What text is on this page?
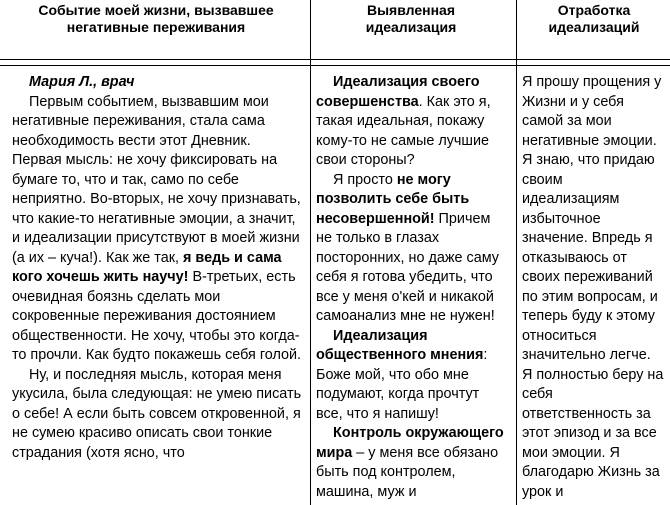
Событие моей жизни, вызвавшее негативные переживания
Выявленная идеализация
Отработка идеализаций

Мария Л., врач

Первым событием, вызвавшим мои негативные переживания, стала сама необходимость вести этот Дневник. Первая мысль: не хочу фиксировать на бумаге то, что и так, само по себе неприятно. Во-вторых, не хочу признавать, что какие-то негативные эмоции, а значит, и идеализации присутствуют в моей жизни (а их – куча!). Как же так, я ведь и сама кого хочешь жить научу! В-третьих, есть очевидная боязнь сделать мои сокровенные переживания достоянием общественности. Не хочу, чтобы это когда-то прочли. Как будто покажешь себя голой.

Ну, и последняя мысль, которая меня укусила, была следующая: не умею писать о себе! А если быть совсем откровенной, я не сумею красиво описать свои тонкие страдания (хотя ясно, что

Идеализация своего совершенства. Как это я, такая идеальная, покажу кому-то не самые лучшие свои стороны?

Я просто не могу позволить себе быть несовершенной! Причем не только в глазах посторонних, но даже саму себя я готова убедить, что все у меня о'кей и никакой самоанализ мне не нужен!

Идеализация общественного мнения: Боже мой, что обо мне подумают, когда прочтут все, что я напишу!

Контроль окружающего мира – у меня все обязано быть под контролем, машина, муж и

Я прошу прощения у Жизни и у себя самой за мои негативные эмоции. Я знаю, что придаю своим идеализациям избыточное значение. Впредь я отказываюсь от своих переживаний по этим вопросам, и теперь буду к этому относиться значительно легче. Я полностью беру на себя ответственность за этот эпизод и за все мои эмоции. Я благодарю Жизнь за урок и
